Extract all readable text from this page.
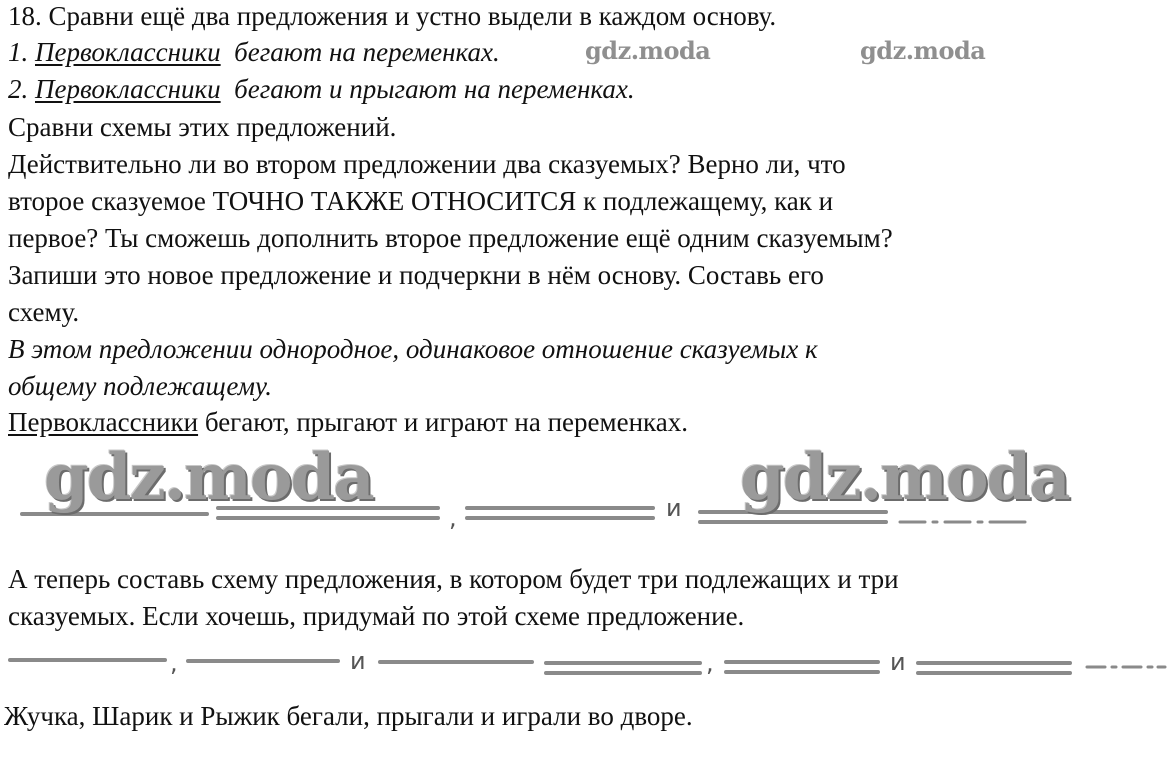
18. Сравни ещё два предложения и устно выдели в каждом основу.
1. Первоклассники бегают на переменках.
2. Первоклассники бегают и прыгают на переменках.
Сравни схемы этих предложений.
Действительно ли во втором предложении два сказуемых? Верно ли, что
второе сказуемое ТОЧНО ТАКЖЕ ОТНОСИТСЯ к подлежащему, как и
первое? Ты сможешь дополнить второе предложение ещё одним сказуемым?
Запиши это новое предложение и подчеркни в нём основу. Составь его
схему.
В этом предложении однородное, одинаковое отношение сказуемых к
общему подлежащему.
Первоклассники бегают, прыгают и играют на переменках.
,	и
А теперь составь схему предложения, в котором будет три подлежащих и три
сказуемых. Если хочешь, придумай по этой схеме предложение.
,	и	,	и
Жучка, Шарик и Рыжик бегали, прыгали и играли во дворе.
gdz.moda	gdz.moda
gdz.moda	gdz.moda
